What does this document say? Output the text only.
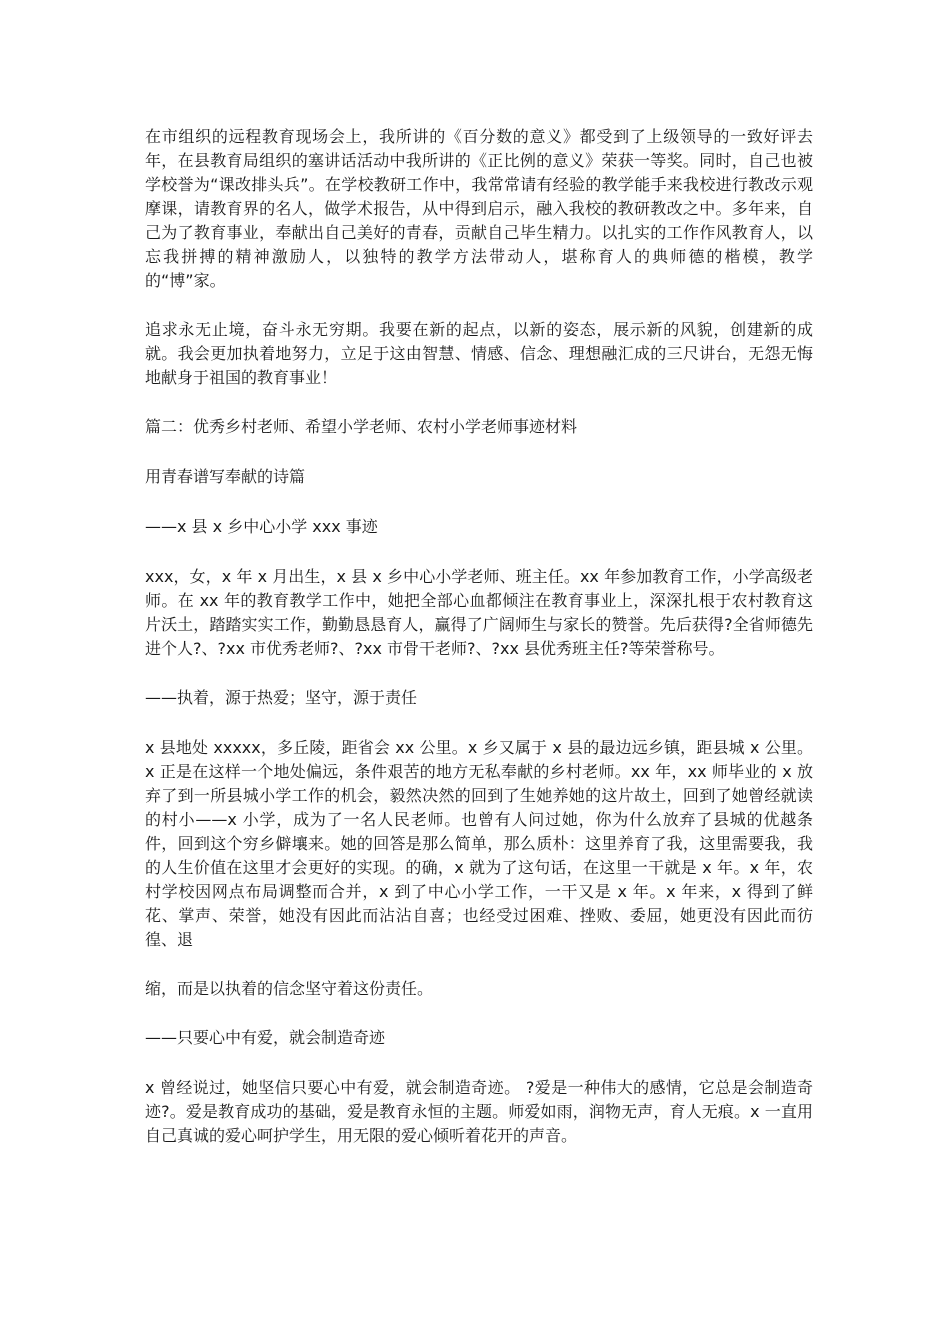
在市组织的远程教育现场会上，我所讲的《百分数的意义》都受到了上级领导的一致好评去年，在县教育局组织的塞讲话活动中我所讲的《正比例的意义》荣获一等奖。同时，自己也被学校誉为“课改排头兵”。在学校教研工作中，我常常请有经验的教学能手来我校进行教改示观摩课，请教育界的名人，做学术报告，从中得到启示，融入我校的教研教改之中。多年来，自己为了教育事业，奉献出自己美好的青春，贡献自己毕生精力。以扎实的工作作风教育人，以忘我拼搏的精神激励人，以独特的教学方法带动人，堪称育人的典师德的楷模，教学的“博”家。

追求永无止境，奋斗永无穷期。我要在新的起点，以新的姿态，展示新的风貌，创建新的成就。我会更加执着地努力，立足于这由智慧、情感、信念、理想融汇成的三尺讲台，无怨无悔地献身于祖国的教育事业！

篇二：优秀乡村老师、希望小学老师、农村小学老师事迹材料

用青春谱写奉献的诗篇

——x 县 x 乡中心小学 xxx 事迹

xxx，女，x 年 x 月出生，x 县 x 乡中心小学老师、班主任。xx 年参加教育工作，小学高级老师。在 xx 年的教育教学工作中，她把全部心血都倾注在教育事业上，深深扎根于农村教育这片沃土，踏踏实实工作，勤勤恳恳育人，赢得了广阔师生与家长的赞誉。先后获得?全省师德先进个人?、?xx 市优秀老师?、?xx 市骨干老师?、?xx 县优秀班主任?等荣誉称号。

——执着，源于热爱；坚守，源于责任

x 县地处 xxxxx，多丘陵，距省会 xx 公里。x 乡又属于 x 县的最边远乡镇，距县城 x 公里。x 正是在这样一个地处偏远，条件艰苦的地方无私奉献的乡村老师。xx 年，xx 师毕业的 x 放弃了到一所县城小学工作的机会，毅然决然的回到了生她养她的这片故土，回到了她曾经就读的村小——x 小学，成为了一名人民老师。也曾有人问过她，你为什么放弃了县城的优越条件，回到这个穷乡僻壤来。她的回答是那么简单，那么质朴：这里养育了我，这里需要我，我的人生价值在这里才会更好的实现。的确，x 就为了这句话，在这里一干就是 x 年。x 年，农村学校因网点布局调整而合并，x 到了中心小学工作，一干又是 x 年。x 年来，x 得到了鲜花、掌声、荣誉，她没有因此而沾沾自喜；也经受过困难、挫败、委屈，她更没有因此而彷徨、退

缩，而是以执着的信念坚守着这份责任。

——只要心中有爱，就会制造奇迹

x 曾经说过，她坚信只要心中有爱，就会制造奇迹。 ?爱是一种伟大的感情，它总是会制造奇迹?。爱是教育成功的基础，爱是教育永恒的主题。师爱如雨，润物无声，育人无痕。x 一直用自己真诚的爱心呵护学生，用无限的爱心倾听着花开的声音。
